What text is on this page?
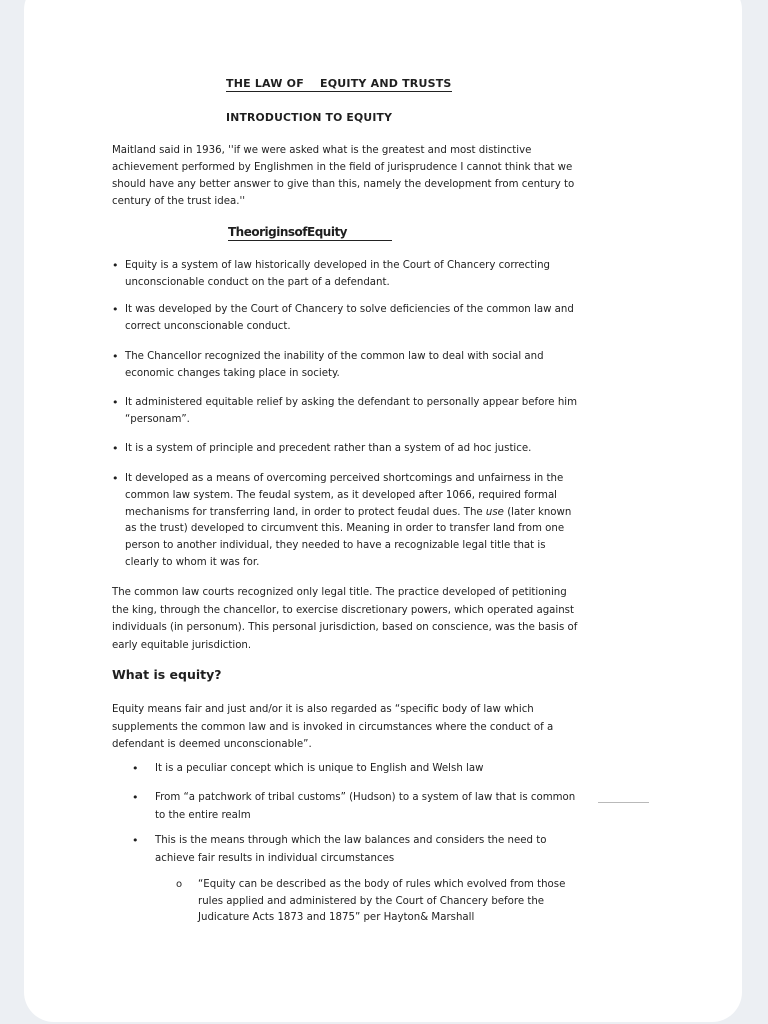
THE LAW OF    EQUITY AND TRUSTS
INTRODUCTION TO EQUITY
Maitland said in 1936, ''if we were asked what is the greatest and most distinctive achievement performed by Englishmen in the field of jurisprudence I cannot think that we should have any better answer to give than this, namely the development from century to century of the trust idea.''
TheoriginsofEquity
• Equity is a system of law historically developed in the Court of Chancery correcting unconscionable conduct on the part of a defendant.
• It was developed by the Court of Chancery to solve deficiencies of the common law and correct unconscionable conduct.
• The Chancellor recognized the inability of the common law to deal with social and economic changes taking place in society.
• It administered equitable relief by asking the defendant to personally appear before him “personam”.
• It is a system of principle and precedent rather than a system of ad hoc justice.
• It developed as a means of overcoming perceived shortcomings and unfairness in the common law system. The feudal system, as it developed after 1066, required formal mechanisms for transferring land, in order to protect feudal dues. The use (later known as the trust) developed to circumvent this. Meaning in order to transfer land from one person to another individual, they needed to have a recognizable legal title that is clearly to whom it was for.
The common law courts recognized only legal title. The practice developed of petitioning the king, through the chancellor, to exercise discretionary powers, which operated against individuals (in personum). This personal jurisdiction, based on conscience, was the basis of early equitable jurisdiction.
What is equity?
Equity means fair and just and/or it is also regarded as “specific body of law which supplements the common law and is invoked in circumstances where the conduct of a defendant is deemed unconscionable”.
• It is a peculiar concept which is unique to English and Welsh law
• From “a patchwork of tribal customs” (Hudson) to a system of law that is common to the entire realm
• This is the means through which the law balances and considers the need to achieve fair results in individual circumstances
o “Equity can be described as the body of rules which evolved from those rules applied and administered by the Court of Chancery before the Judicature Acts 1873 and 1875” per Hayton& Marshall
